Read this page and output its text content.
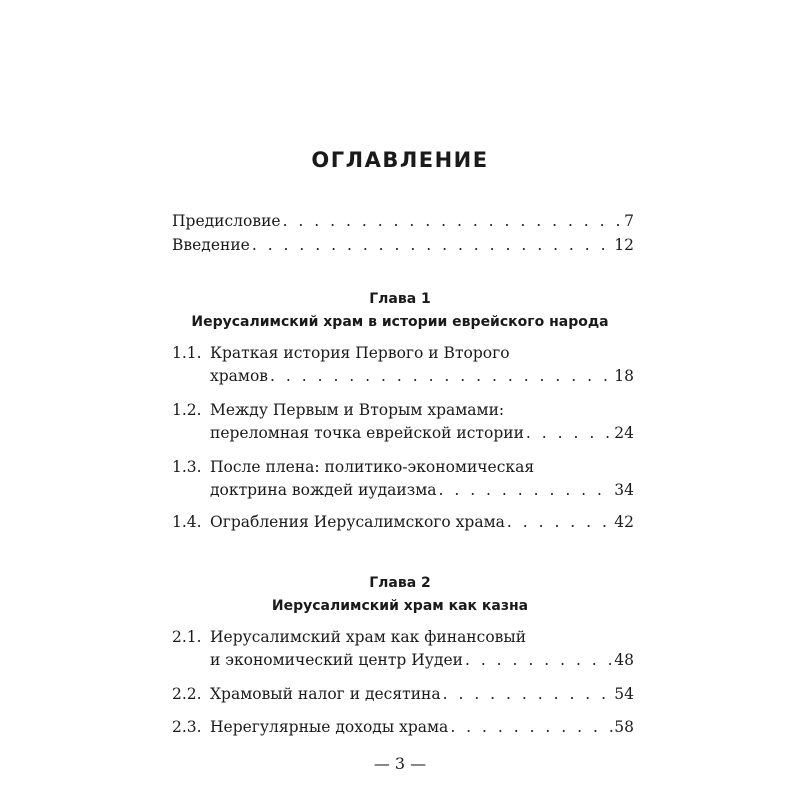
ОГЛАВЛЕНИЕ
Предисловие . . .	7
Введение . . .	12
1.1. Краткая история Первого и Второго
храмов . . .	18
1.2. Между Первым и Вторым храмами:
переломная точка еврейской истории . . .	24
1.3. После плена: политико-экономическая
доктрина вождей иудаизма . . .	34
1.4. Ограбления Иерусалимского храма . . .	42
2.1. Иерусалимский храм как финансовый
и экономический центр Иудеи . . .	48
2.2. Храмовый налог и десятина . . .	54
2.3. Нерегулярные доходы храма . . .	58
Глава 1
Иерусалимский храм в истории еврейского народа
Глава 2
Иерусалимский храм как казна
— 3 —
